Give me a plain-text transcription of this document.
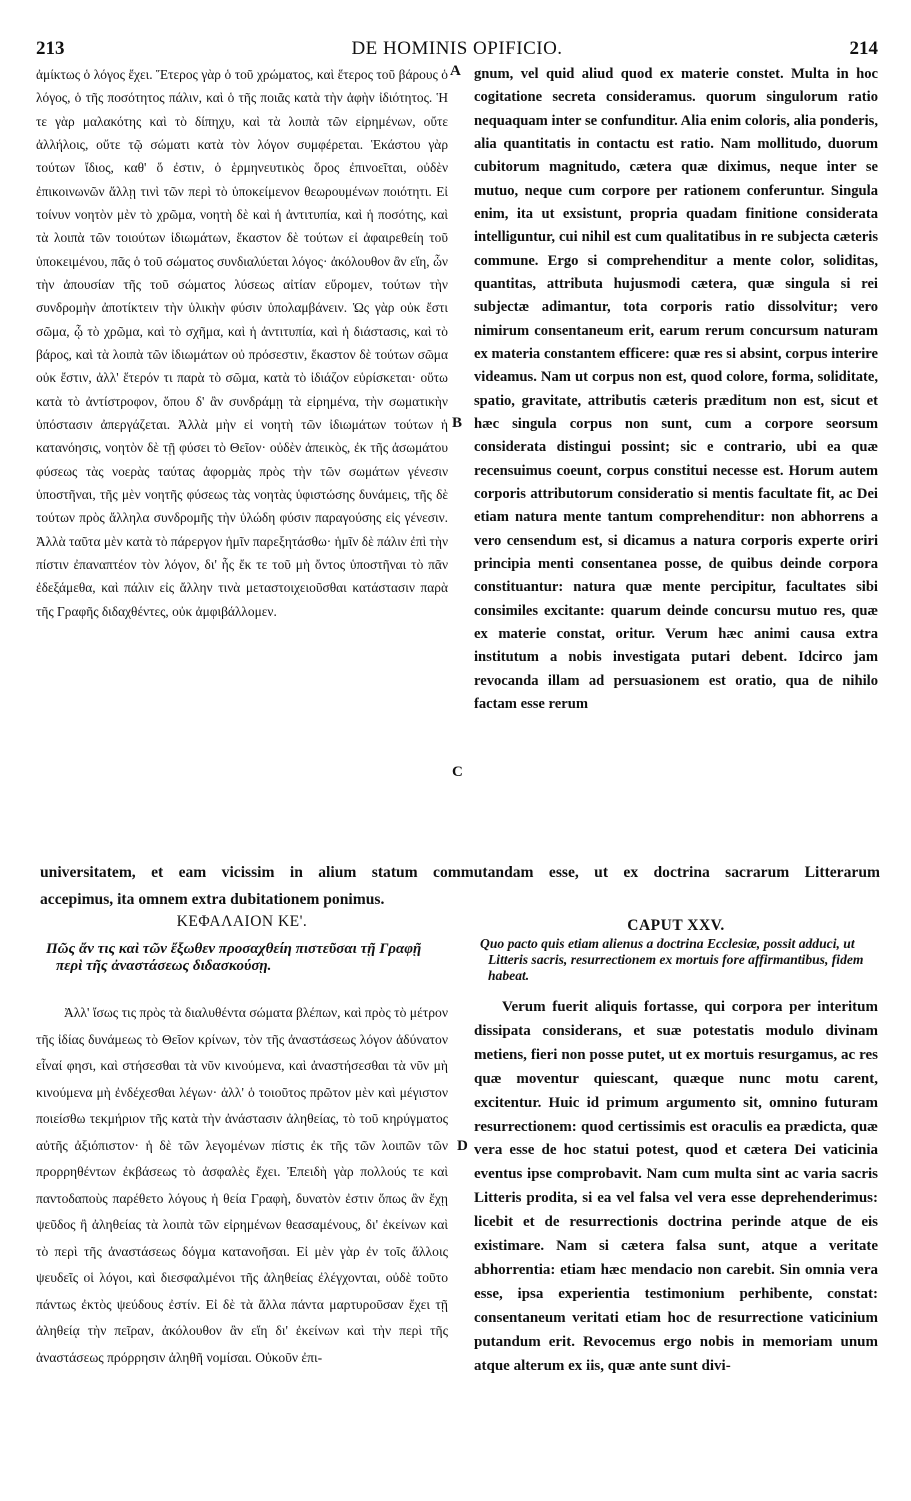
213	DE HOMINIS OPIFICIO.	214

ἀμίκτως ὁ λόγος ἔχει. Ἕτερος γὰρ ὁ τοῦ χρώματος, καὶ ἕτερος τοῦ βάρους ὁ λόγος, ὁ τῆς ποσότητος πάλιν, καὶ ὁ τῆς ποιᾶς κατὰ τὴν ἀφὴν ἰδιότητος. Ἡ τε γὰρ μαλακότης καὶ τὸ δίπηχυ, καὶ τὰ λοιπὰ τῶν εἰρημένων, οὔτε ἀλλήλοις, οὔτε τῷ σώματι κατὰ τὸν λόγον συμφέρεται. Ἑκάστου γὰρ τούτων ἴδιος, καθ' ὅ ἐστιν, ὁ ἑρμηνευτικὸς ὅρος ἐπινοεῖται, οὐδὲν ἐπικοινωνῶν ἄλλῃ τινὶ τῶν περὶ τὸ ὑποκείμενον θεωρουμένων ποιότητι. Εἰ τοίνυν νοητὸν μὲν τὸ χρῶμα, νοητὴ δὲ καὶ ἡ ἀντιτυπία, καὶ ἡ ποσότης, καὶ τὰ λοιπὰ τῶν τοιούτων ἰδιωμάτων, ἕκαστον δὲ τούτων εἰ ἀφαιρεθείη τοῦ ὑποκειμένου, πᾶς ὁ τοῦ σώματος συνδιαλύεται λόγος· ἀκόλουθον ἂν εἴη, ὧν τὴν ἀπουσίαν τῆς τοῦ σώματος λύσεως αἰτίαν εὕρομεν, τούτων τὴν συνδρομὴν ἀποτίκτειν τὴν ὑλικὴν φύσιν ὑπολαμβάνειν. Ὡς γὰρ οὐκ ἔστι σῶμα, ᾧ τὸ χρῶμα, καὶ τὸ σχῆμα, καὶ ἡ ἀντιτυπία, καὶ ἡ διάστασις, καὶ τὸ βάρος, καὶ τὰ λοιπὰ τῶν ἰδιωμάτων οὐ πρόσεστιν, ἕκαστον δὲ τούτων σῶμα οὐκ ἔστιν, ἀλλ' ἕτερόν τι παρὰ τὸ σῶμα, κατὰ τὸ ἰδιάζον εὑρίσκεται· οὕτω κατὰ τὸ ἀντίστροφον, ὅπου δ' ἂν συνδράμῃ τὰ εἰρημένα, τὴν σωματικὴν ὑπόστασιν ἀπεργάζεται. Ἀλλὰ μὴν εἰ νοητὴ τῶν ἰδιωμάτων τούτων ἡ κατανόησις, νοητὸν δὲ τῇ φύσει τὸ Θεῖον· οὐδὲν ἀπεικὸς, ἐκ τῆς ἀσωμάτου φύσεως τὰς νοερὰς ταύτας ἀφορμὰς πρὸς τὴν τῶν σωμάτων γένεσιν ὑποστῆναι, τῆς μὲν νοητῆς φύσεως τὰς νοητὰς ὑφιστώσης δυνάμεις, τῆς δὲ τούτων πρὸς ἄλληλα συνδρομῆς τὴν ὑλώδη φύσιν παραγούσης εἰς γένεσιν. Ἀλλὰ ταῦτα μὲν κατὰ τὸ πάρεργον ἡμῖν παρεξητάσθω· ἡμῖν δὲ πάλιν ἐπὶ τὴν πίστιν ἐπαναπτέον τὸν λόγον, δι' ἧς ἔκ τε τοῦ μὴ ὄντος ὑποστῆναι τὸ πᾶν ἐδεξάμεθα, καὶ πάλιν εἰς ἄλλην τινὰ μεταστοιχειοῦσθαι κατάστασιν παρὰ τῆς Γραφῆς διδαχθέντες, οὐκ ἀμφιβάλλομεν.

gnum, vel quid aliud quod ex materie constet. Multa in hoc cogitatione secreta consideramus. quorum singulorum ratio nequaquam inter se confunditur. Alia enim coloris, alia ponderis, alia quantitatis in contactu est ratio. Nam mollitudo, duorum cubitorum magnitudo, cætera quæ diximus, neque inter se mutuo, neque cum corpore per rationem conferuntur. Singula enim, ita ut exsistunt, propria quadam finitione considerata intelliguntur, cui nihil est cum qualitatibus in re subjecta cæteris commune. Ergo si comprehenditur a mente color, soliditas, quantitas, attributa hujusmodi cætera, quæ singula si rei subjectæ adimantur, tota corporis ratio dissolvitur; vero nimirum consentaneum erit, earum rerum concursum naturam ex materia constantem efficere: quæ res si absint, corpus interire videamus. Nam ut corpus non est, quod colore, forma, soliditate, spatio, gravitate, attributis cæteris præditum non est, sicut et hæc singula corpus non sunt, cum a corpore seorsum considerata distingui possint; sic e contrario, ubi ea quæ recensuimus coeunt, corpus constitui necesse est. Horum autem corporis attributorum consideratio si mentis facultate fit, ac Dei etiam natura mente tantum comprehenditur: non abhorrens a vero censendum est, si dicamus a natura corporis experte oriri principia menti consentanea posse, de quibus deinde corpora constituantur: natura quæ mente percipitur, facultates sibi consimiles excitante: quarum deinde concursu mutuo res, quæ ex materie constat, oritur. Verum hæc animi causa extra institutum a nobis investigata putari debent. Idcirco jam revocanda illam ad persuasionem est oratio, qua de nihilo factam esse rerum

A
B
C
D
universitatem, et eam vicissim in alium statum commutandam esse, ut ex doctrina sacrarum Litterarum
accepimus, ita omnem extra dubitationem ponimus.
ΚΕΦΑΛΑΙΟΝ ΚΕ'.	CAPUT XXV.

Πῶς ἄν τις καὶ τῶν ἔξωθεν προσαχθείη πιστεῦσαι τῇ Γραφῇ περὶ τῆς ἀναστάσεως διδασκούσῃ.

Quo pacto quis etiam alienus a doctrina Ecclesiæ, possit adduci, ut Litteris sacris, resurrectionem ex mortuis fore affirmantibus, fidem habeat.

Ἀλλ' ἴσως τις πρὸς τὰ διαλυθέντα σώματα βλέπων, καὶ πρὸς τὸ μέτρον τῆς ἰδίας δυνάμεως τὸ Θεῖον κρίνων, τὸν τῆς ἀναστάσεως λόγον ἀδύνατον εἶναί φησι, καὶ στήσεσθαι τὰ νῦν κινούμενα, καὶ ἀναστήσεσθαι τὰ νῦν μὴ κινούμενα μὴ ἐνδέχεσθαι λέγων· ἀλλ' ὁ τοιοῦτος πρῶτον μὲν καὶ μέγιστον ποιείσθω τεκμήριον τῆς κατὰ τὴν ἀνάστασιν ἀληθείας, τὸ τοῦ κηρύγματος αὐτῆς ἀξιόπιστον· ἡ δὲ τῶν λεγομένων πίστις ἐκ τῆς τῶν λοιπῶν τῶν προρρηθέντων ἐκβάσεως τὸ ἀσφαλὲς ἔχει. Ἐπειδὴ γὰρ πολλούς τε καὶ παντοδαποὺς παρέθετο λόγους ἡ θεία Γραφὴ, δυνατὸν ἐστιν ὅπως ἂν ἔχῃ ψεῦδος ἢ ἀληθείας τὰ λοιπὰ τῶν εἰρημένων θεασαμένους, δι' ἐκείνων καὶ τὸ περὶ τῆς ἀναστάσεως δόγμα κατανοῆσαι. Εἰ μὲν γὰρ ἐν τοῖς ἄλλοις ψευδεῖς οἱ λόγοι, καὶ διεσφαλμένοι τῆς ἀληθείας ἐλέγχονται, οὐδὲ τοῦτο πάντως ἐκτὸς ψεύδους ἐστίν. Εἰ δὲ τὰ ἄλλα πάντα μαρτυροῦσαν ἔχει τῇ ἀληθείᾳ τὴν πεῖραν, ἀκόλουθον ἂν εἴη δι' ἐκείνων καὶ τὴν περὶ τῆς ἀναστάσεως πρόρρησιν ἀληθῆ νομίσαι. Οὐκοῦν ἐπι-

Verum fuerit aliquis fortasse, qui corpora per interitum dissipata considerans, et suæ potestatis modulo divinam metiens, fieri non posse putet, ut ex mortuis resurgamus, ac res quæ moventur quiescant, quæque nunc motu carent, excitentur. Huic id primum argumento sit, omnino futuram resurrectionem: quod certissimis est oraculis ea prædicta, quæ vera esse de hoc statui potest, quod et cætera Dei vaticinia eventus ipse comprobavit. Nam cum multa sint ac varia sacris Litteris prodita, si ea vel falsa vel vera esse deprehenderimus: licebit et de resurrectionis doctrina perinde atque de eis existimare. Nam si cætera falsa sunt, atque a veritate abhorrentia: etiam hæc mendacio non carebit. Sin omnia vera esse, ipsa experientia testimonium perhibente, constat: consentaneum veritati etiam hoc de resurrectione vaticinium putandum erit. Revocemus ergo nobis in memoriam unum atque alterum ex iis, quæ ante sunt divi-
